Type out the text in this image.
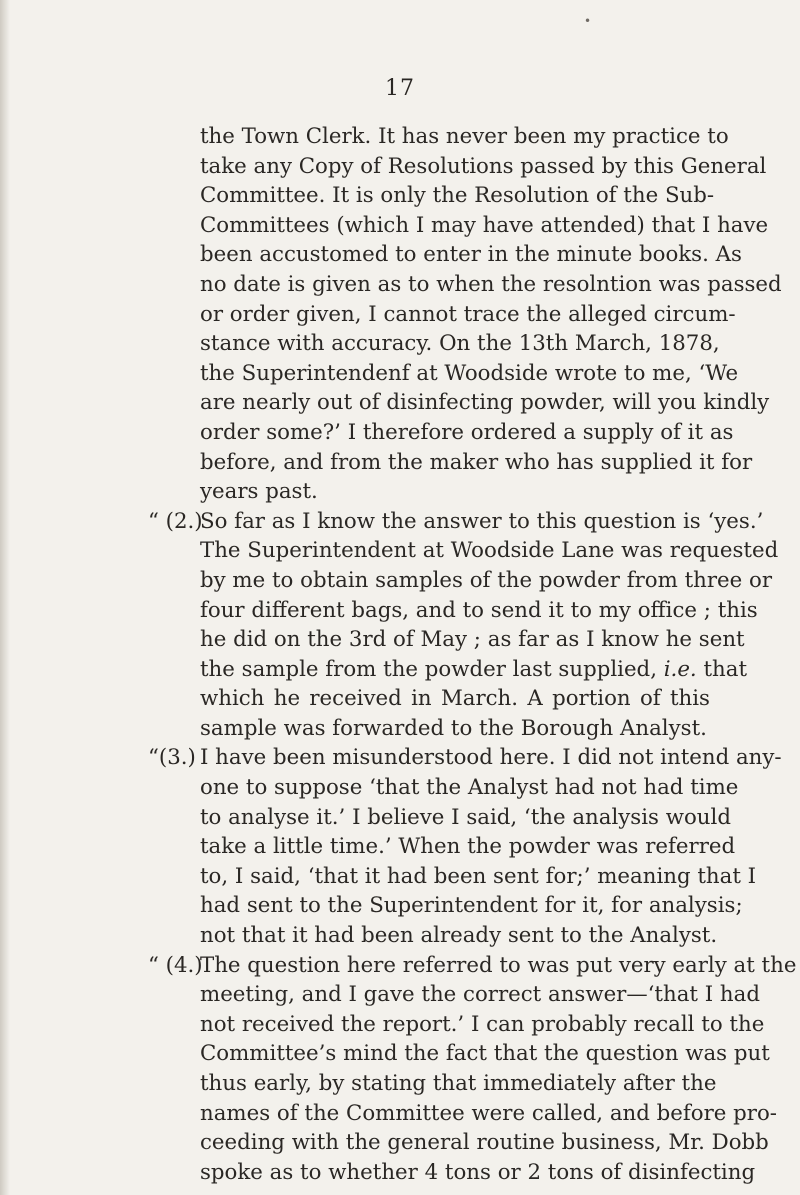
•
17
the Town Clerk. It has never been my practice to
take any Copy of Resolutions passed by this General
Committee. It is only the Resolution of the Sub-
Committees (which I may have attended) that I have
been accustomed to enter in the minute books. As
no date is given as to when the resolntion was passed
or order given, I cannot trace the alleged circum-
stance with accuracy. On the 13th March, 1878,
the Superintendenf at Woodside wrote to me, ‘We
are nearly out of disinfecting powder, will you kindly
order some?’ I therefore ordered a supply of it as
before, and from the maker who has supplied it for
years past.
“ (2.)
So far as I know the answer to this question is ‘yes.’
The Superintendent at Woodside Lane was requested
by me to obtain samples of the powder from three or
four different bags, and to send it to my office ; this
he did on the 3rd of May ; as far as I know he sent
the sample from the powder last supplied, i.e. that
which he received in March. A portion of this
sample was forwarded to the Borough Analyst.
“(3.) I have been misunderstood here. I did not intend any-
one to suppose ‘that the Analyst had not had time
to analyse it.’ I believe I said, ‘the analysis would
take a little time.’ When the powder was referred
to, I said, ‘that it had been sent for;’ meaning that I
had sent to the Superintendent for it, for analysis;
not that it had been already sent to the Analyst.
“ (4.)
The question here referred to was put very early at the
meeting, and I gave the correct answer—‘that I had
not received the report.’ I can probably recall to the
Committee’s mind the fact that the question was put
thus early, by stating that immediately after the
names of the Committee were called, and before pro-
ceeding with the general routine business, Mr. Dobb
spoke as to whether 4 tons or 2 tons of disinfecting
